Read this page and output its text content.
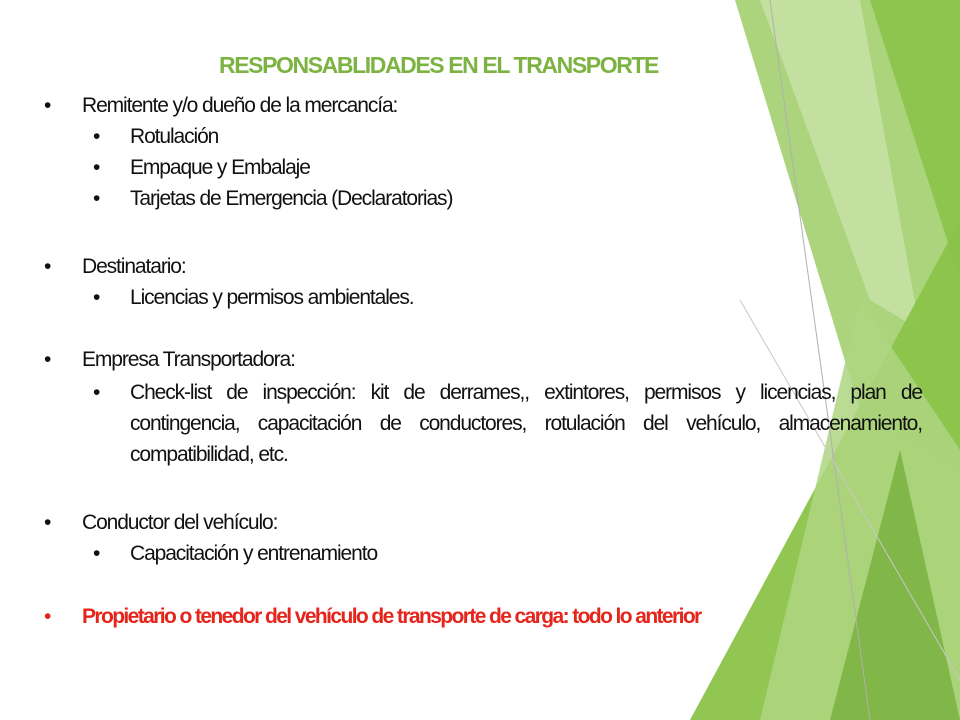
RESPONSABLIDADES EN EL TRANSPORTE
• Remitente y/o dueño de la mercancía:
• Rotulación
• Empaque y Embalaje
• Tarjetas de Emergencia (Declaratorias)
• Destinatario:
• Licencias y permisos ambientales.
• Empresa Transportadora:
• Check-list de inspección: kit de derrames,, extintores, permisos y licencias, plan de contingencia, capacitación de conductores, rotulación del vehículo, almacenamiento, compatibilidad, etc.
• Conductor del vehículo:
• Capacitación y entrenamiento
• Propietario o tenedor del vehículo de transporte de carga: todo lo anterior
